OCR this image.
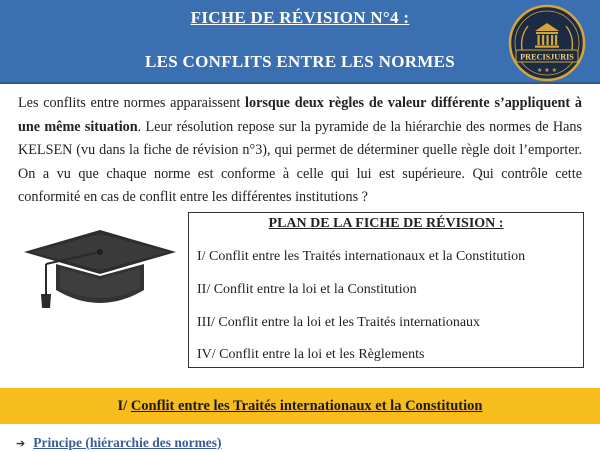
FICHE DE RÉVISION N°4 :
LES CONFLITS ENTRE LES NORMES	PRECISJURIS
★ ★ ★
Les conflits entre normes apparaissent lorsque deux règles de valeur différente s’appliquent à une même situation. Leur résolution repose sur la pyramide de la hiérarchie des normes de Hans KELSEN (vu dans la fiche de révision n°3), qui permet de déterminer quelle règle doit l’emporter. On a vu que chaque norme est conforme à celle qui lui est supérieure. Qui contrôle cette conformité en cas de conflit entre les différentes institutions ?
PLAN DE LA FICHE DE RÉVISION :
I/ Conflit entre les Traités internationaux et la Constitution
II/ Conflit entre la loi et la Constitution
III/ Conflit entre la loi et les Traités internationaux
IV/ Conflit entre la loi et les Règlements
I/ Conflit entre les Traités internationaux et la Constitution
➔ Principe (hiérarchie des normes)
